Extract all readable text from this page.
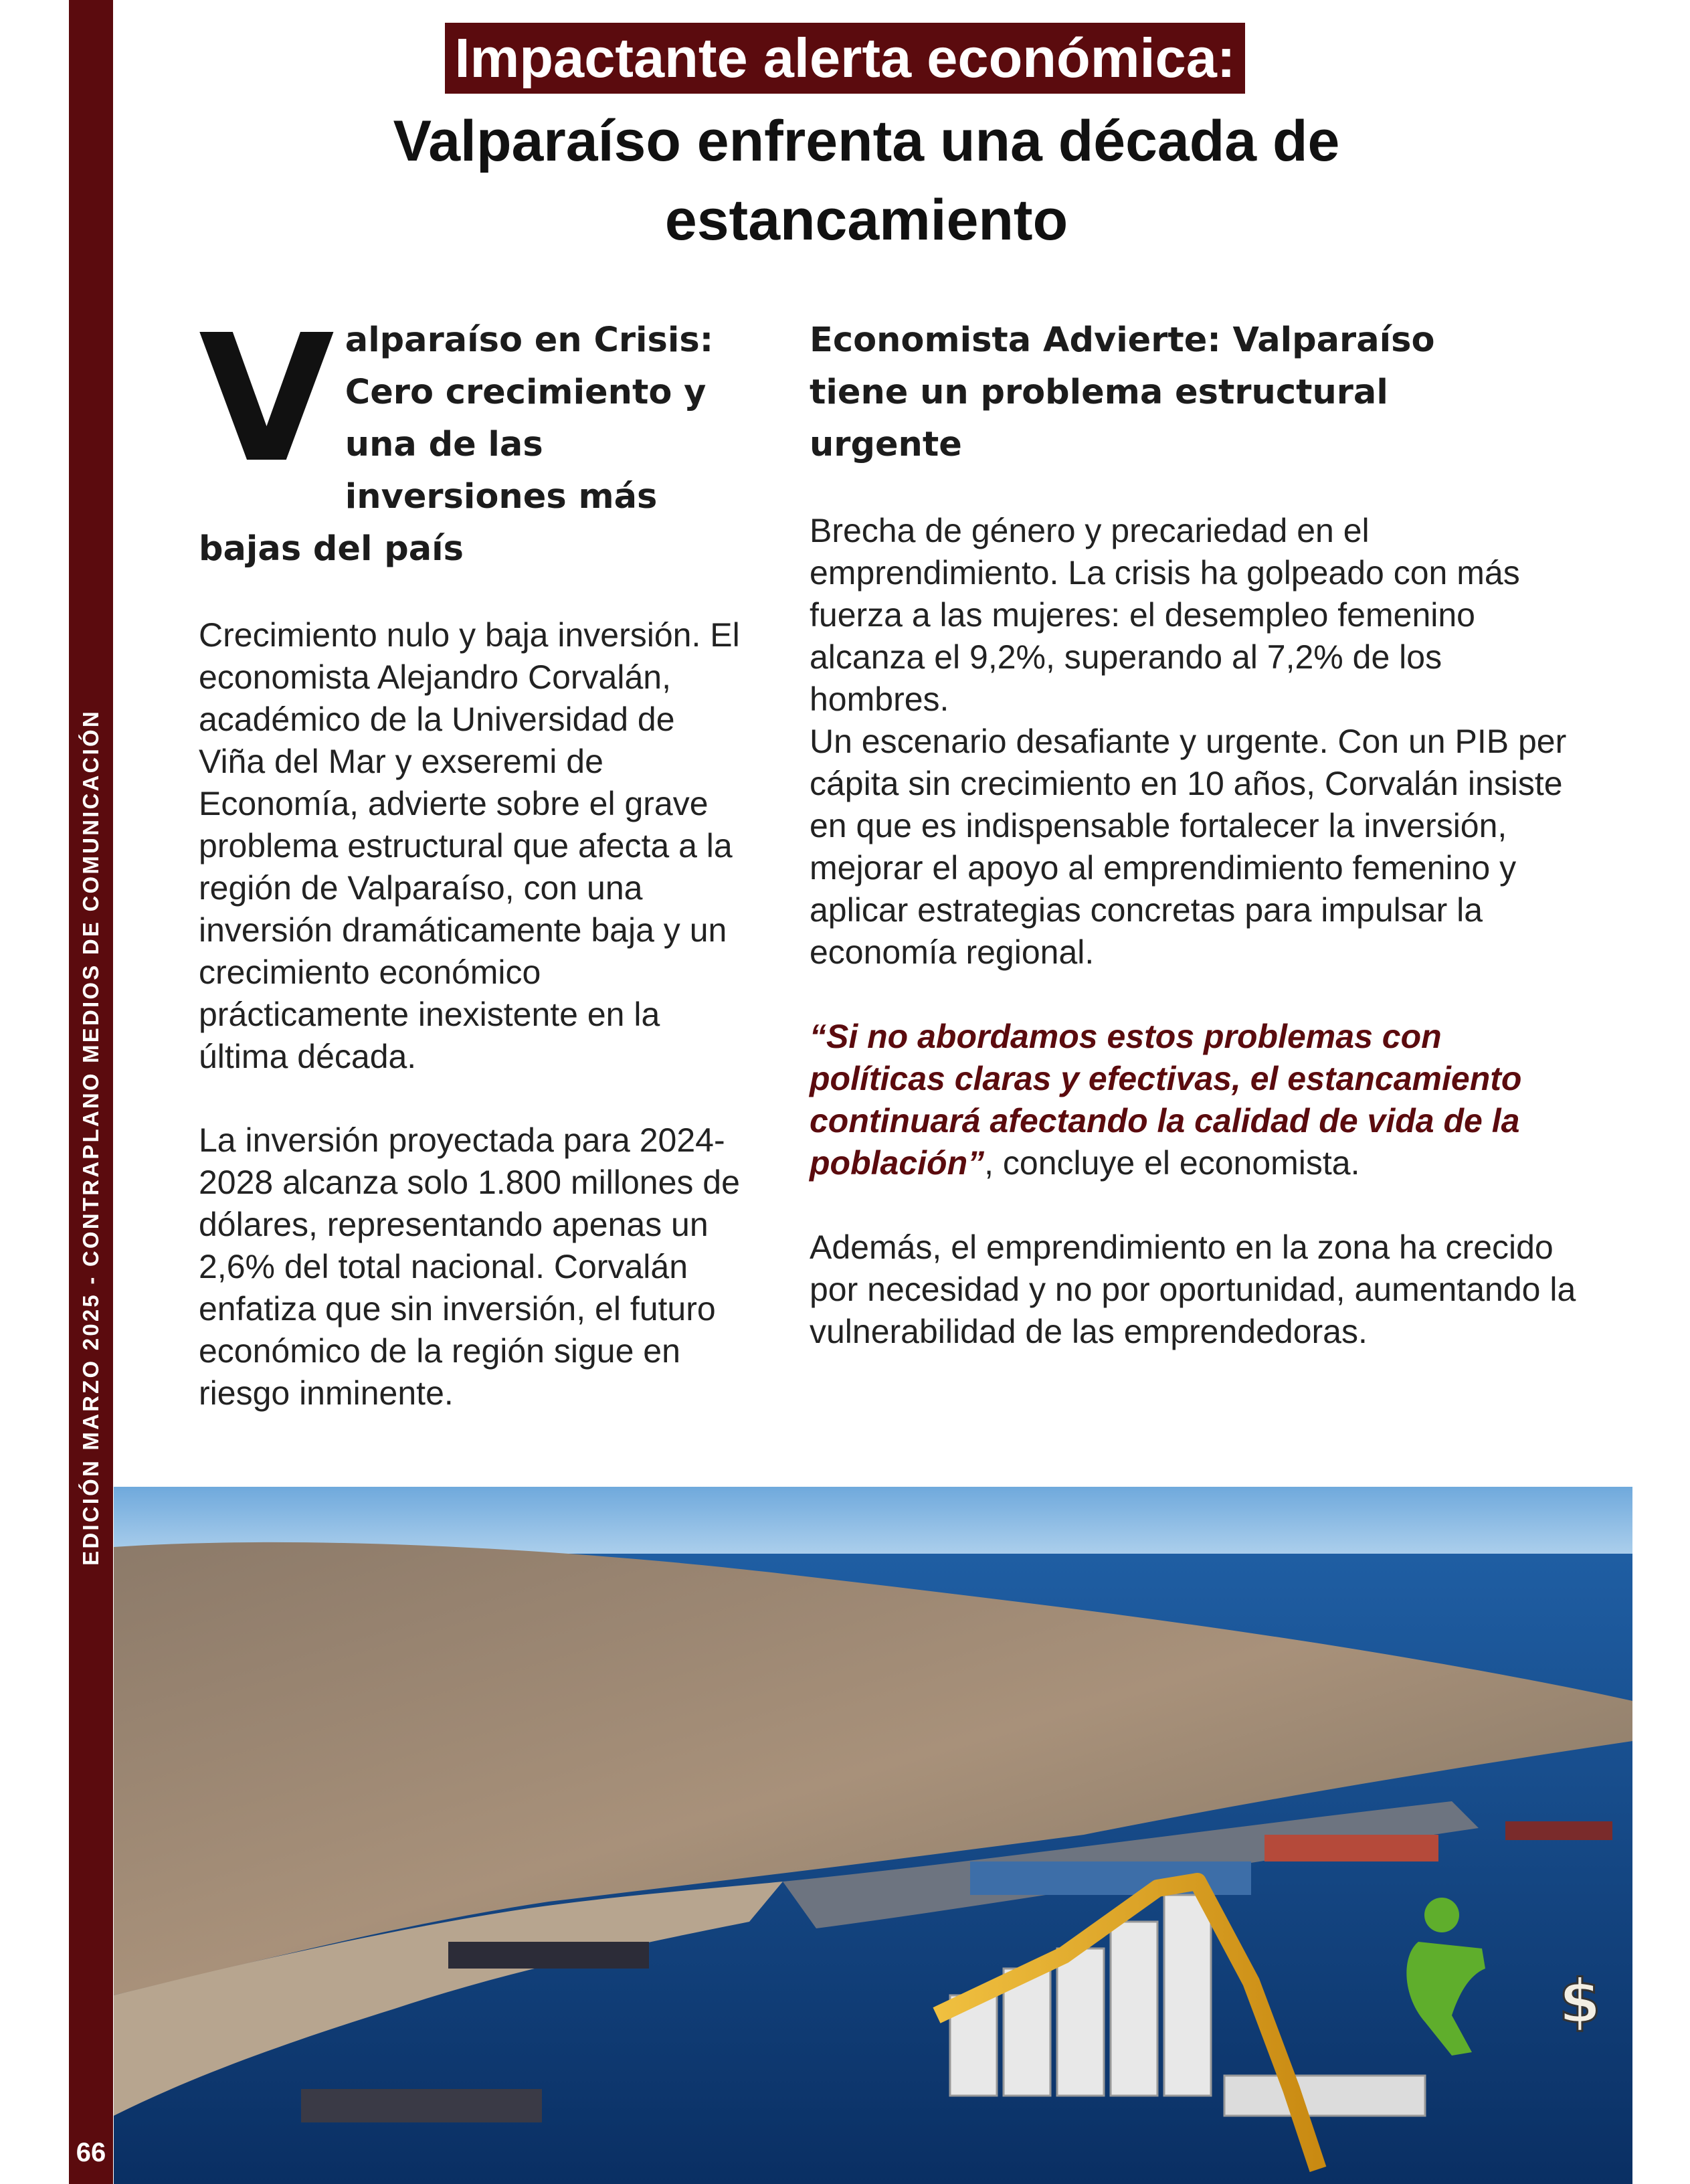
EDICIÓN MARZO 2025 - CONTRAPLANO MEDIOS DE COMUNICACIÓN
66
Impactante alerta económica:
Valparaíso enfrenta una década de estancamiento
V alparaíso en Crisis: Cero crecimiento y una de las inversiones más bajas del país

Crecimiento nulo y baja inversión. El economista Alejandro Corvalán, académico de la Universidad de Viña del Mar y exseremi de Economía, advierte sobre el grave problema estructural que afecta a la región de Valparaíso, con una inversión dramáticamente baja y un crecimiento económico prácticamente inexistente en la última década.

La inversión proyectada para 2024-2028 alcanza solo 1.800 millones de dólares, representando apenas un 2,6% del total nacional. Corvalán enfatiza que sin inversión, el futuro económico de la región sigue en riesgo inminente.

Economista Advierte: Valparaíso tiene un problema estructural urgente

Brecha de género y precariedad en el emprendimiento. La crisis ha golpeado con más fuerza a las mujeres: el desempleo femenino alcanza el 9,2%, superando al 7,2% de los hombres.

Un escenario desafiante y urgente. Con un PIB per cápita sin crecimiento en 10 años, Corvalán insiste en que es indispensable fortalecer la inversión, mejorar el apoyo al emprendimiento femenino y aplicar estrategias concretas para impulsar la economía regional.

“Si no abordamos estos problemas con políticas claras y efectivas, el estancamiento continuará afectando la calidad de vida de la población”, concluye el economista.

Además, el emprendimiento en la zona ha crecido por necesidad y no por oportunidad, aumentando la vulnerabilidad de las emprendedoras.

$
